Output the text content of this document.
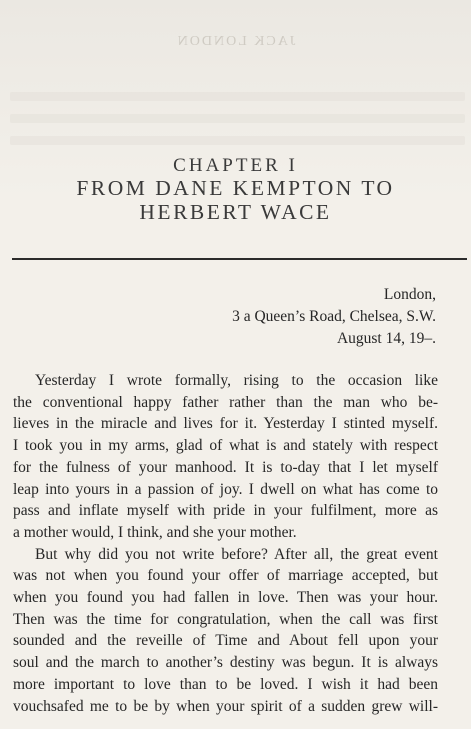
JACK LONDON
CHAPTER I
FROM DANE KEMPTON TO
HERBERT WACE
London,
3 a Queen’s Road, Chelsea, S.W.
August 14, 19–.
Yesterday I wrote formally, rising to the occasion like
the conventional happy father rather than the man who be-
lieves in the miracle and lives for it. Yesterday I stinted myself.
I took you in my arms, glad of what is and stately with respect
for the fulness of your manhood. It is to-day that I let myself
leap into yours in a passion of joy. I dwell on what has come to
pass and inflate myself with pride in your fulfilment, more as
a mother would, I think, and she your mother.
But why did you not write before? After all, the great event
was not when you found your offer of marriage accepted, but
when you found you had fallen in love. Then was your hour.
Then was the time for congratulation, when the call was first
sounded and the reveille of Time and About fell upon your
soul and the march to another’s destiny was begun. It is always
more important to love than to be loved. I wish it had been
vouchsafed me to be by when your spirit of a sudden grew will-
